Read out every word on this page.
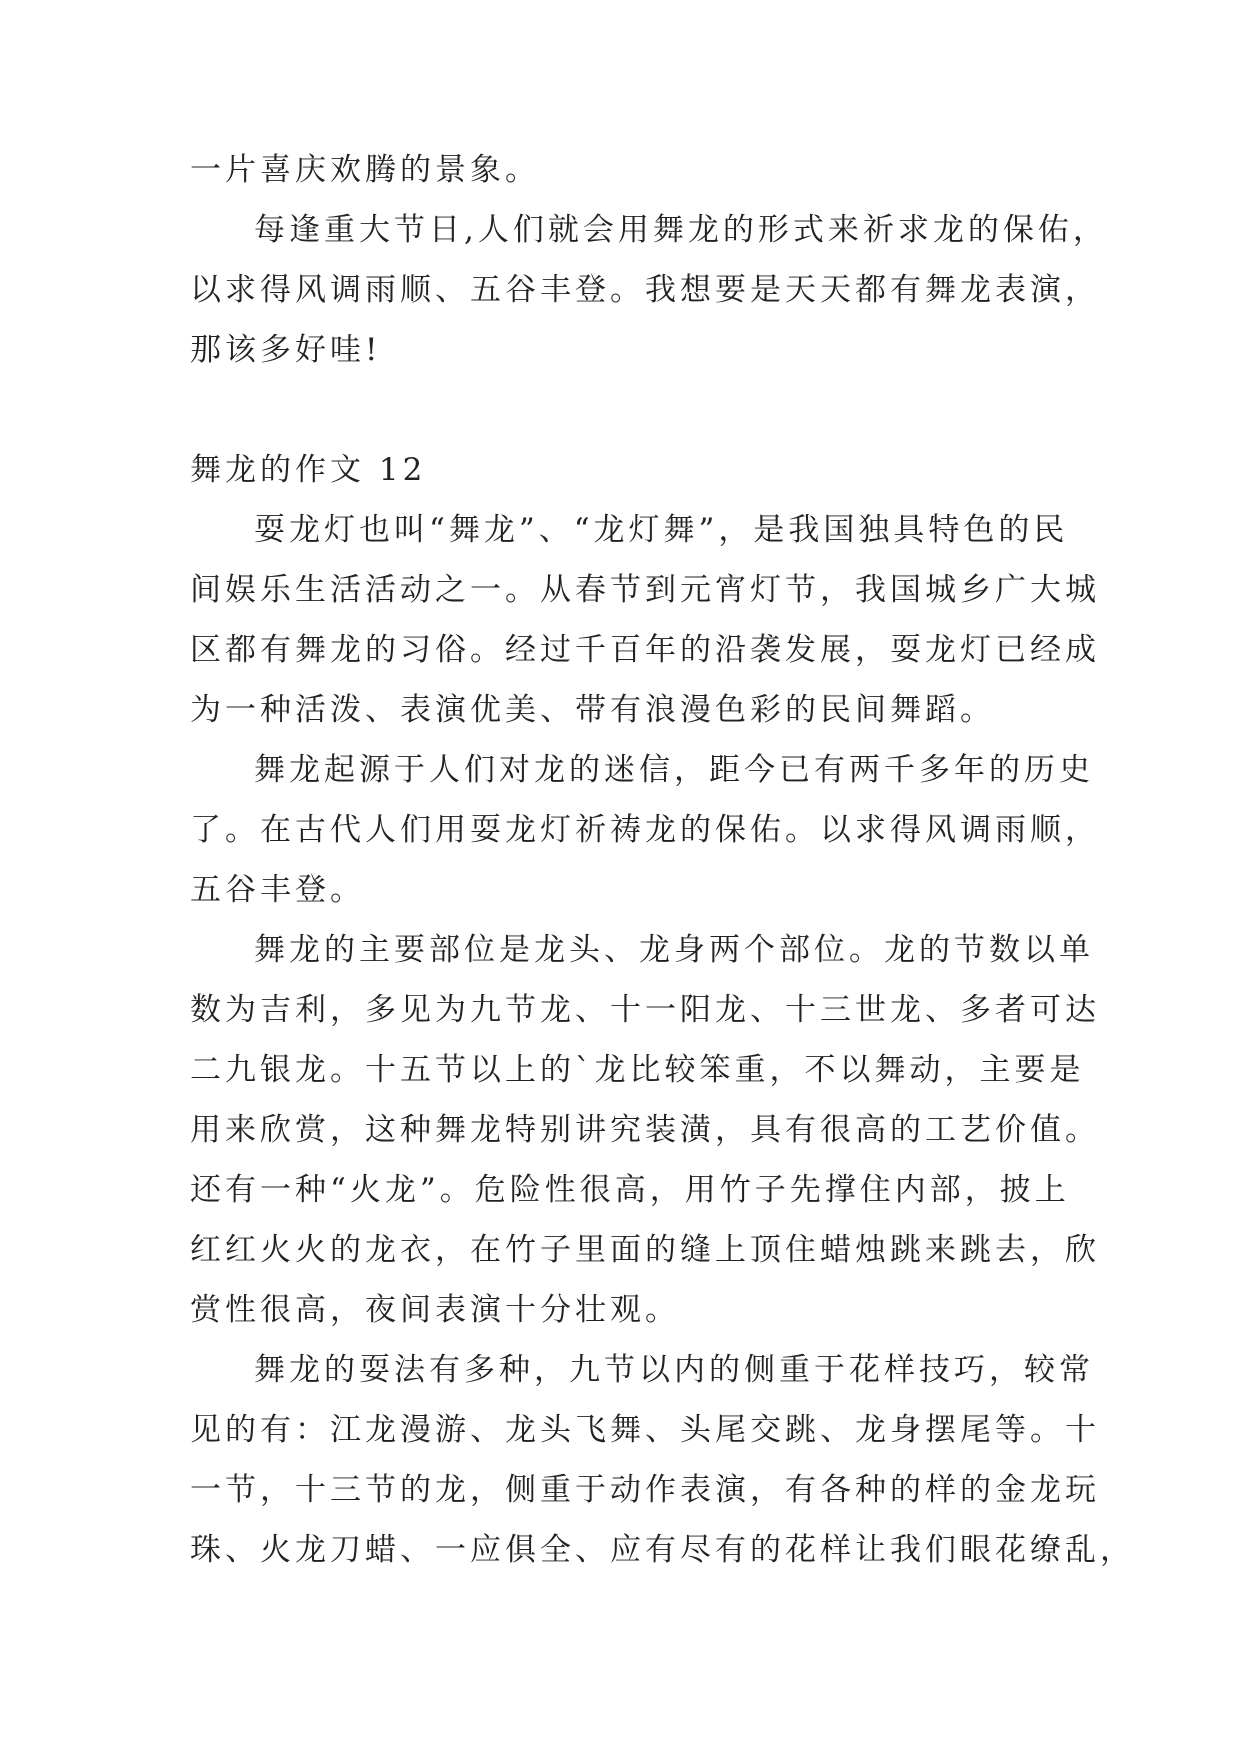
一片喜庆欢腾的景象。

每逢重大节日,人们就会用舞龙的形式来祈求龙的保佑，

以求得风调雨顺、五谷丰登。我想要是天天都有舞龙表演，

那该多好哇!

舞龙的作文 12

耍龙灯也叫“舞龙”、“龙灯舞”，是我国独具特色的民

间娱乐生活活动之一。从春节到元宵灯节，我国城乡广大城

区都有舞龙的习俗。经过千百年的沿袭发展，耍龙灯已经成

为一种活泼、表演优美、带有浪漫色彩的民间舞蹈。

舞龙起源于人们对龙的迷信，距今已有两千多年的历史

了。在古代人们用耍龙灯祈祷龙的保佑。以求得风调雨顺，

五谷丰登。

舞龙的主要部位是龙头、龙身两个部位。龙的节数以单

数为吉利，多见为九节龙、十一阳龙、十三世龙、多者可达

二九银龙。十五节以上的`龙比较笨重，不以舞动，主要是

用来欣赏，这种舞龙特别讲究装潢，具有很高的工艺价值。

还有一种“火龙”。危险性很高，用竹子先撑住内部，披上

红红火火的龙衣，在竹子里面的缝上顶住蜡烛跳来跳去，欣

赏性很高，夜间表演十分壮观。

舞龙的耍法有多种，九节以内的侧重于花样技巧，较常

见的有：江龙漫游、龙头飞舞、头尾交跳、龙身摆尾等。十

一节，十三节的龙，侧重于动作表演，有各种的样的金龙玩

珠、火龙刀蜡、一应俱全、应有尽有的花样让我们眼花缭乱，
